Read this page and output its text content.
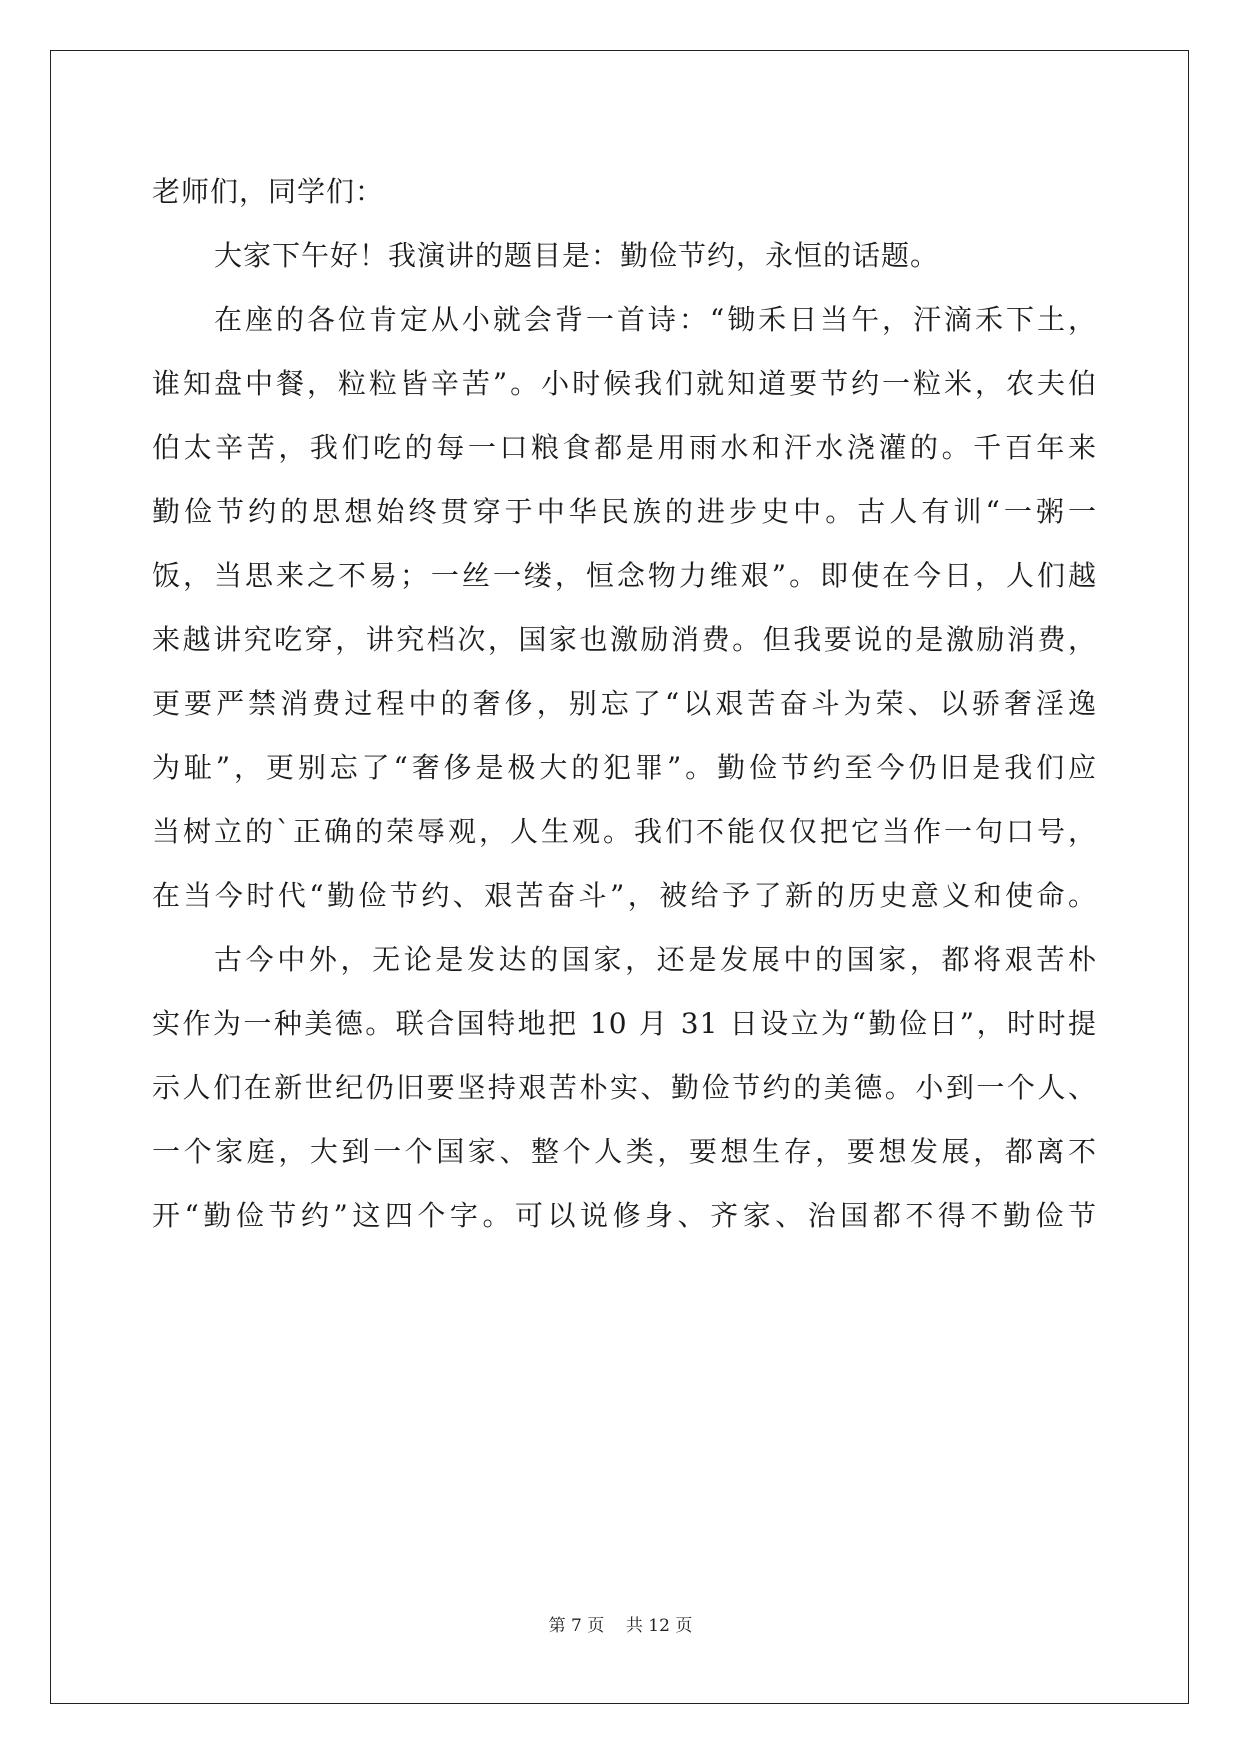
老师们，同学们：
大家下午好！我演讲的题目是：勤俭节约，永恒的话题。
在座的各位肯定从小就会背一首诗：“锄禾日当午，汗滴禾下土，
谁知盘中餐，粒粒皆辛苦”。小时候我们就知道要节约一粒米，农夫伯
伯太辛苦，我们吃的每一口粮食都是用雨水和汗水浇灌的。千百年来
勤俭节约的思想始终贯穿于中华民族的进步史中。古人有训“一粥一
饭，当思来之不易；一丝一缕，恒念物力维艰”。即使在今日，人们越
来越讲究吃穿，讲究档次，国家也激励消费。但我要说的是激励消费，
更要严禁消费过程中的奢侈，别忘了“以艰苦奋斗为荣、以骄奢淫逸
为耻”，更别忘了“奢侈是极大的犯罪”。勤俭节约至今仍旧是我们应
当树立的`正确的荣辱观，人生观。我们不能仅仅把它当作一句口号，
在当今时代“勤俭节约、艰苦奋斗”，被给予了新的历史意义和使命。
古今中外，无论是发达的国家，还是发展中的国家，都将艰苦朴
实作为一种美德。联合国特地把 10 月 31 日设立为“勤俭日”，时时提
示人们在新世纪仍旧要坚持艰苦朴实、勤俭节约的美德。小到一个人、
一个家庭，大到一个国家、整个人类，要想生存，要想发展，都离不
开“勤俭节约”这四个字。可以说修身、齐家、治国都不得不勤俭节
第 7 页 共 12 页
